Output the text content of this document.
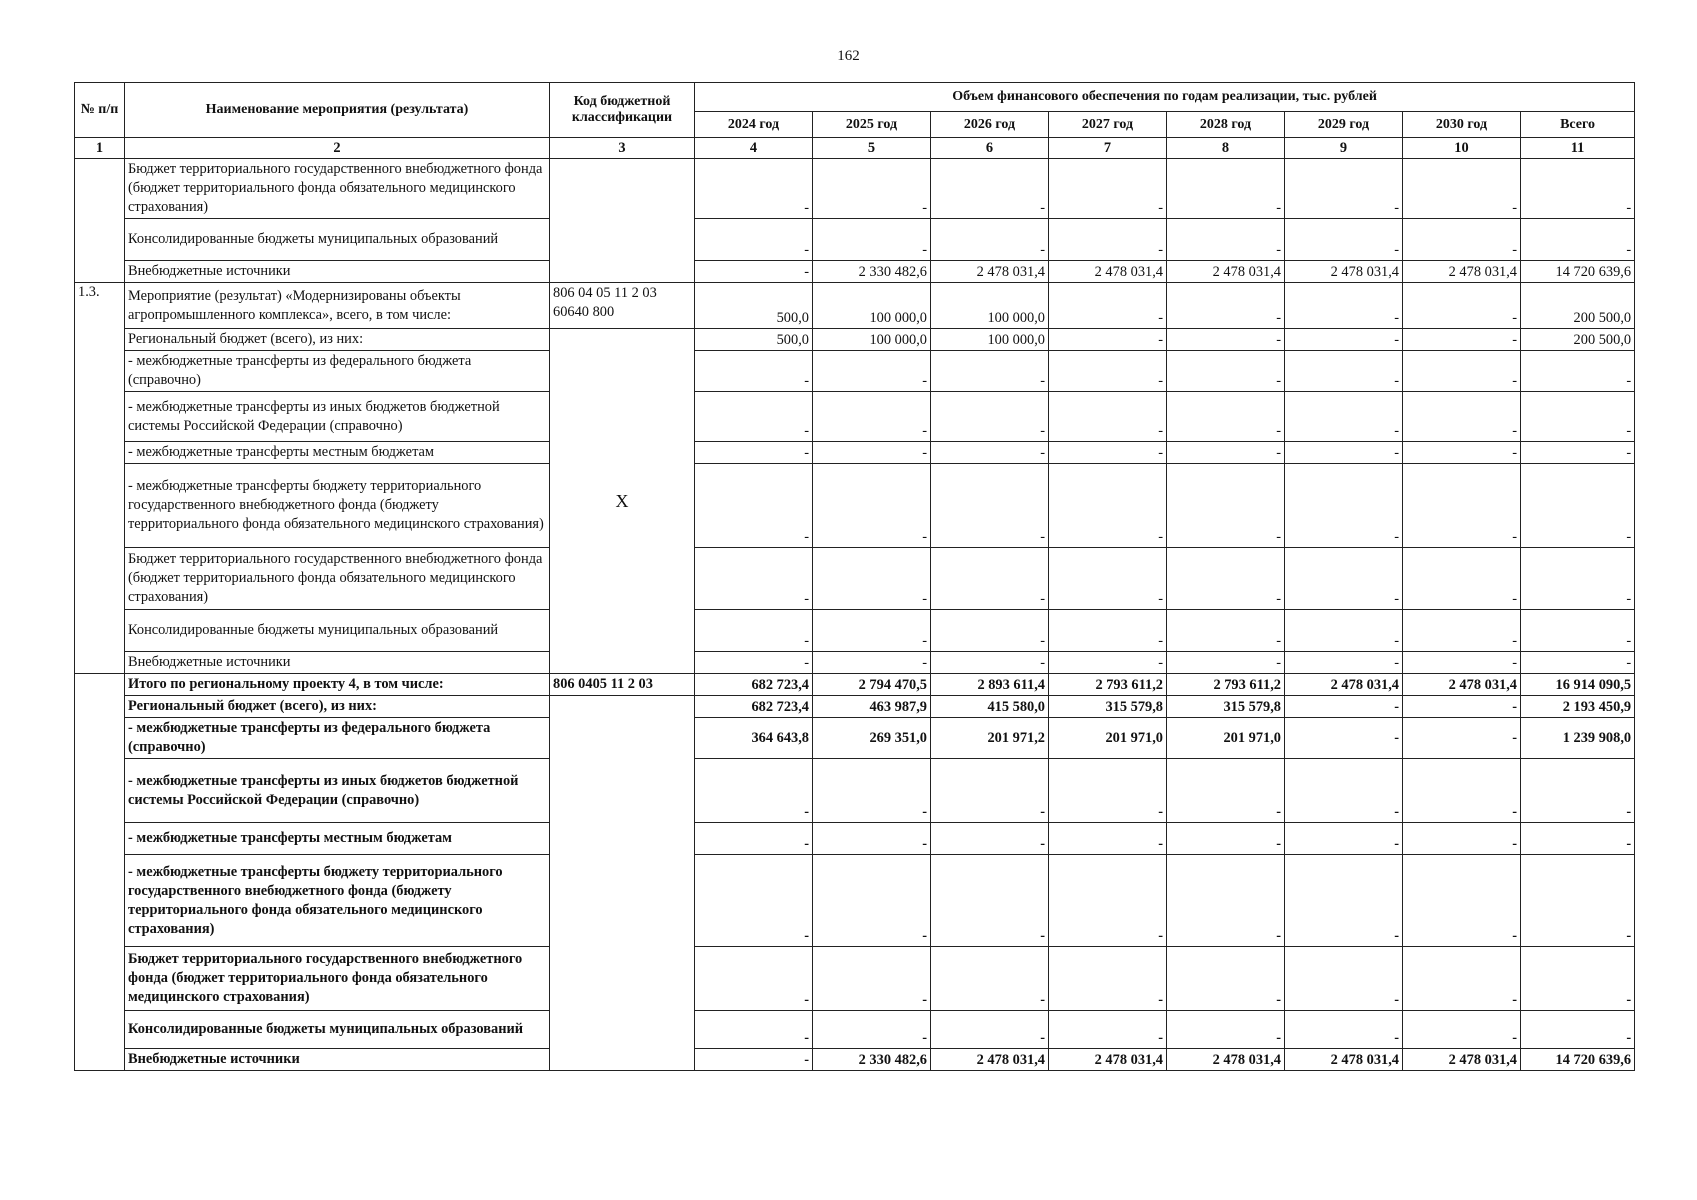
162
№ п/п	Наименование мероприятия (результата)	Код бюджетной классификации	Объем финансового обеспечения по годам реализации, тыс. рублей							
			2024 год	2025 год	2026 год	2027 год	2028 год	2029 год	2030 год	Всего
1	2	3	4	5	6	7	8	9	10	11
	Бюджет территориального государственного внебюджетного фонда (бюджет территориального фонда обязательного медицинского страхования)		-	-	-	-	-	-	-	-
	Консолидированные бюджеты муниципальных образований		-	-	-	-	-	-	-	-
	Внебюджетные источники		-	2 330 482,6	2 478 031,4	2 478 031,4	2 478 031,4	2 478 031,4	2 478 031,4	14 720 639,6
1.3.	Мероприятие (результат) «Модернизированы объекты агропромышленного комплекса», всего, в том числе:	806 04 05 11 2 03 60640 800	500,0	100 000,0	100 000,0	-	-	-	-	200 500,0
	Региональный бюджет (всего), из них:	Х	500,0	100 000,0	100 000,0	-	-	-	-	200 500,0
	- межбюджетные трансферты из федерального бюджета (справочно)		-	-	-	-	-	-	-	-
	- межбюджетные трансферты из иных бюджетов бюджетной системы Российской Федерации (справочно)		-	-	-	-	-	-	-	-
	- межбюджетные трансферты местным бюджетам		-	-	-	-	-	-	-	-
	- межбюджетные трансферты бюджету территориального государственного внебюджетного фонда (бюджету территориального фонда обязательного медицинского страхования)		-	-	-	-	-	-	-	-
	Бюджет территориального государственного внебюджетного фонда (бюджет территориального фонда обязательного медицинского страхования)		-	-	-	-	-	-	-	-
	Консолидированные бюджеты муниципальных образований		-	-	-	-	-	-	-	-
	Внебюджетные источники		-	-	-	-	-	-	-	-
	Итого по региональному проекту 4, в том числе:	806 0405 11 2 03	682 723,4	2 794 470,5	2 893 611,4	2 793 611,2	2 793 611,2	2 478 031,4	2 478 031,4	16 914 090,5
	Региональный бюджет (всего), из них:		682 723,4	463 987,9	415 580,0	315 579,8	315 579,8	-	-	2 193 450,9
	- межбюджетные трансферты из федерального бюджета (справочно)		364 643,8	269 351,0	201 971,2	201 971,0	201 971,0	-	-	1 239 908,0
	- межбюджетные трансферты из иных бюджетов бюджетной системы Российской Федерации (справочно)		-	-	-	-	-	-	-	-
	- межбюджетные трансферты местным бюджетам		-	-	-	-	-	-	-	-
	- межбюджетные трансферты бюджету территориального государственного внебюджетного фонда (бюджету территориального фонда обязательного медицинского страхования)		-	-	-	-	-	-	-	-
	Бюджет территориального государственного внебюджетного фонда (бюджет территориального фонда обязательного медицинского страхования)		-	-	-	-	-	-	-	-
	Консолидированные бюджеты муниципальных образований		-	-	-	-	-	-	-	-
	Внебюджетные источники		-	2 330 482,6	2 478 031,4	2 478 031,4	2 478 031,4	2 478 031,4	2 478 031,4	14 720 639,6
